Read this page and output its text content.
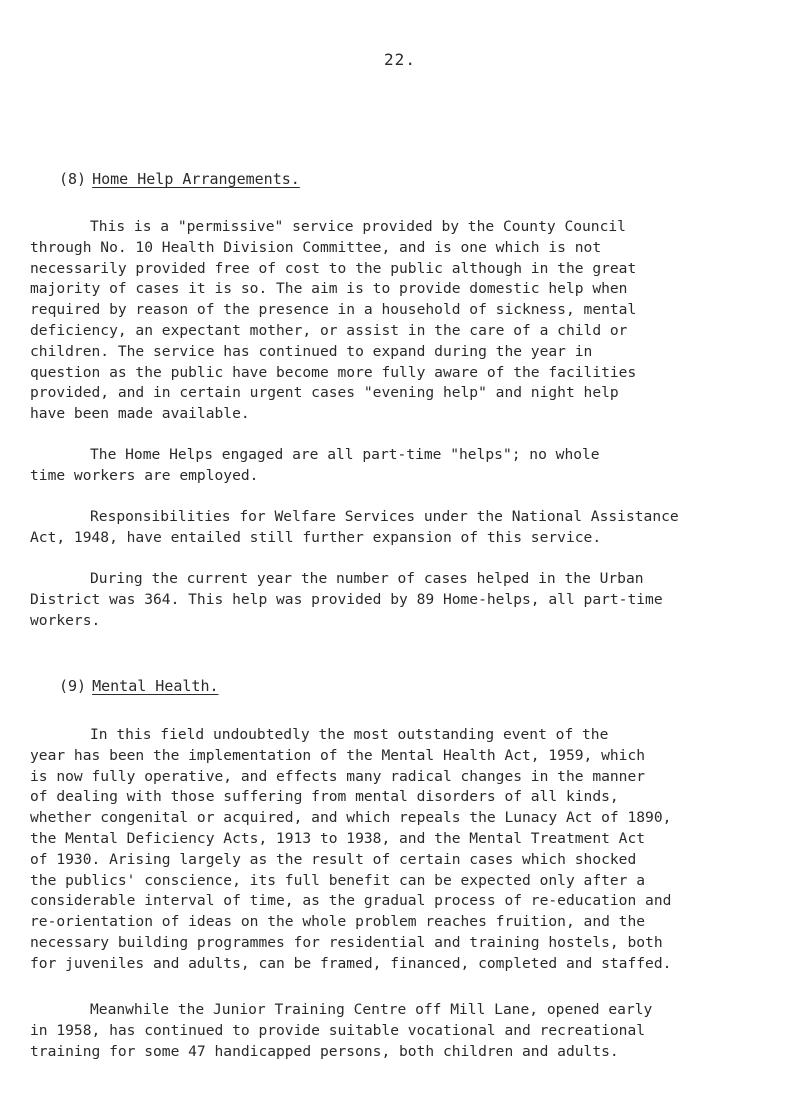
22.
(8) Home Help Arrangements.
This is a "permissive" service provided by the County Council
through No. 10 Health Division Committee, and is one which is not
necessarily provided free of cost to the public although in the great
majority of cases it is so. The aim is to provide domestic help when
required by reason of the presence in a household of sickness, mental
deficiency, an expectant mother, or assist in the care of a child or
children. The service has continued to expand during the year in
question as the public have become more fully aware of the facilities
provided, and in certain urgent cases "evening help" and night help
have been made available.
The Home Helps engaged are all part-time "helps"; no whole
time workers are employed.
Responsibilities for Welfare Services under the National Assistance
Act, 1948, have entailed still further expansion of this service.
During the current year the number of cases helped in the Urban
District was 364. This help was provided by 89 Home-helps, all part-time
workers.
(9) Mental Health.
In this field undoubtedly the most outstanding event of the
year has been the implementation of the Mental Health Act, 1959, which
is now fully operative, and effects many radical changes in the manner
of dealing with those suffering from mental disorders of all kinds,
whether congenital or acquired, and which repeals the Lunacy Act of 1890,
the Mental Deficiency Acts, 1913 to 1938, and the Mental Treatment Act
of 1930. Arising largely as the result of certain cases which shocked
the publics' conscience, its full benefit can be expected only after a
considerable interval of time, as the gradual process of re-education and
re-orientation of ideas on the whole problem reaches fruition, and the
necessary building programmes for residential and training hostels, both
for juveniles and adults, can be framed, financed, completed and staffed.
Meanwhile the Junior Training Centre off Mill Lane, opened early
in 1958, has continued to provide suitable vocational and recreational
training for some 47 handicapped persons, both children and adults.
